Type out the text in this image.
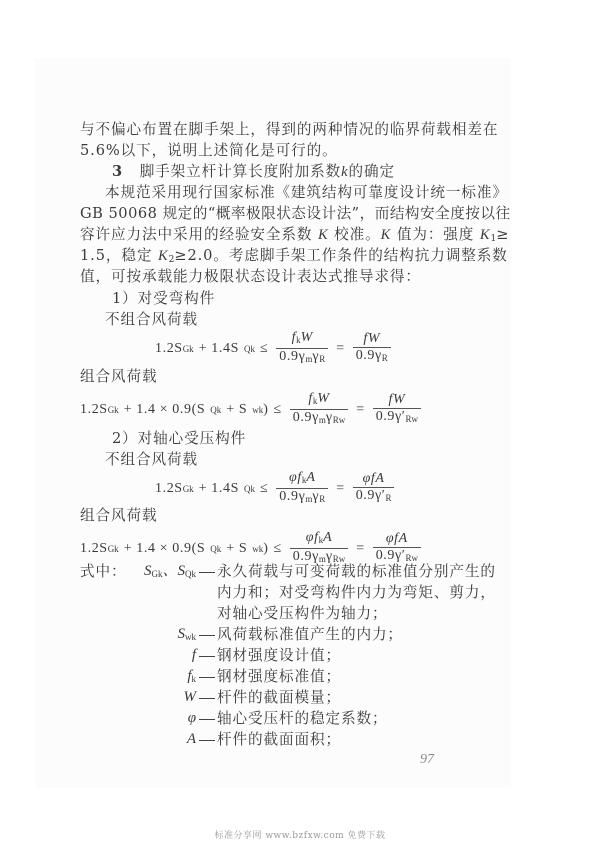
与不偏心布置在脚手架上，得到的两种情况的临界荷载相差在
5.6%以下，说明上述简化是可行的。
3 脚手架立杆计算长度附加系数k的确定
本规范采用现行国家标准《建筑结构可靠度设计统一标准》
GB 50068 规定的“概率极限状态设计法”，而结构安全度按以往
容许应力法中采用的经验安全系数 K 校准。K 值为：强度 $K_1\ge$
1.5，稳定 $K_2\ge 2.0$。考虑脚手架工作条件的结构抗力调整系数
值，可按承载能力极限状态设计表达式推导求得：
1）对受弯构件
不组合风荷载
1.2S Gk + 1.4S $Qk \le \frac{f_kW}{0.9\gamma_m\gamma_R} = \frac{fW}{0.9\gamma_R}$
组合风荷载
1.2S Gk + 1.4 × 0.9(S Qk + S wk ) ≤ $\frac{f_kW}{0.9\gamma_m\gamma_{Rw}} = \frac{fW}{0.9\gamma'_{Rw}}$
2）对轴心受压构件
不组合风荷载
1.2S Gk + 1.4S $Qk \le \frac{\varphi f_kA}{0.9\gamma_m\gamma_R} = \frac{\text{φfA}}{0.9\gamma'_R}$
组合风荷载
1.2S Gk + 1.4 × 0.9(S Qk + S wk ) ≤ $\frac{\varphi f_kA}{0.9\gamma_m\gamma_{Rw}} = \frac{\text{φfA}}{0.9\gamma'_{Rw}}$
式中：	$S_{Gk}$、$S_{Qk}$ 永久荷载与可变荷载的标准值分别产生的
内力和；对受弯构件内力为弯矩、剪力，
对轴心受压构件为轴力；
$S_{wk}$ 风荷载标准值产生的内力；
f 钢材强度设计值；
$f_k$ 钢材强度标准值；
W 杆件的截面模量；
φ 轴心受压杆的稳定系数；
A 杆件的截面面积；
97
标准分享网 www.bzfxw.com 免费下载
